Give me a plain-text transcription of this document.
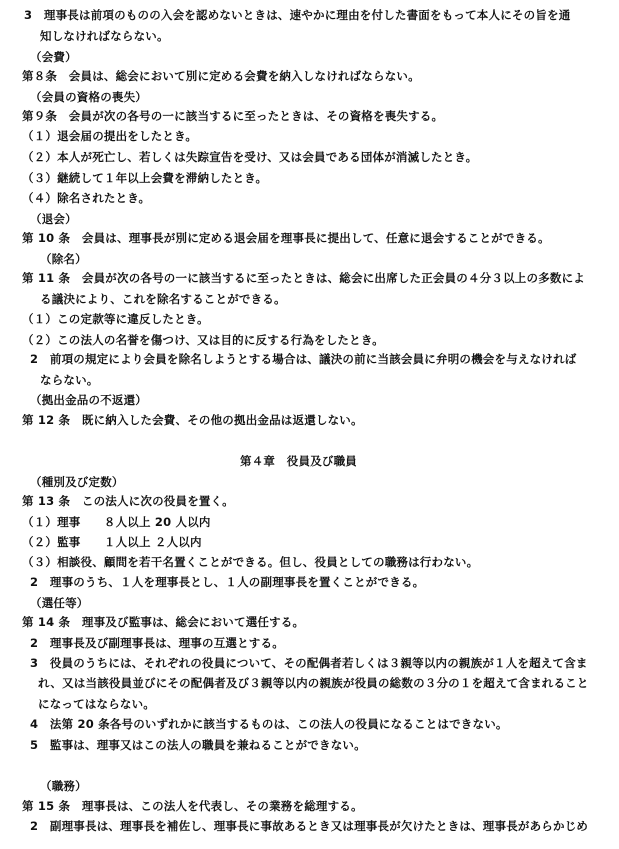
3　理事長は前項のものの入会を認めないときは、速やかに理由を付した書面をもって本人にその旨を通
知しなければならない。
（会費）
第８条　会員は、総会において別に定める会費を納入しなければならない。
（会員の資格の喪失）
第９条　会員が次の各号の一に該当するに至ったときは、その資格を喪失する。
（１）退会届の提出をしたとき。
（２）本人が死亡し、若しくは失踪宣告を受け、又は会員である団体が消滅したとき。
（３）継続して１年以上会費を滞納したとき。
（４）除名されたとき。
（退会）
第 10 条　会員は、理事長が別に定める退会届を理事長に提出して、任意に退会することができる。
（除名）
第 11 条　会員が次の各号の一に該当するに至ったときは、総会に出席した正会員の４分３以上の多数によ
る議決により、これを除名することができる。
（１）この定款等に違反したとき。
（２）この法人の名誉を傷つけ、又は目的に反する行為をしたとき。
2　前項の規定により会員を除名しようとする場合は、議決の前に当該会員に弁明の機会を与えなければ
ならない。
（拠出金品の不返還）
第 12 条　既に納入した会費、その他の拠出金品は返還しない。
第４章　役員及び職員
（種別及び定数）
第 13 条　この法人に次の役員を置く。
（１）理事　　８人以上 20 人以内
（２）監事　　１人以上 ２人以内
（３）相談役、顧問を若干名置くことができる。但し、役員としての職務は行わない。
2　理事のうち、１人を理事長とし、１人の副理事長を置くことができる。
（選任等）
第 14 条　理事及び監事は、総会において選任する。
2　理事長及び副理事長は、理事の互選とする。
3　役員のうちには、それぞれの役員について、その配偶者若しくは３親等以内の親族が１人を超えて含ま
れ、又は当該役員並びにその配偶者及び３親等以内の親族が役員の総数の３分の１を超えて含まれること
になってはならない。
4　法第 20 条各号のいずれかに該当するものは、この法人の役員になることはできない。
5　監事は、理事又はこの法人の職員を兼ねることができない。
（職務）
第 15 条　理事長は、この法人を代表し、その業務を総理する。
2　副理事長は、理事長を補佐し、理事長に事故あるとき又は理事長が欠けたときは、理事長があらかじめ
